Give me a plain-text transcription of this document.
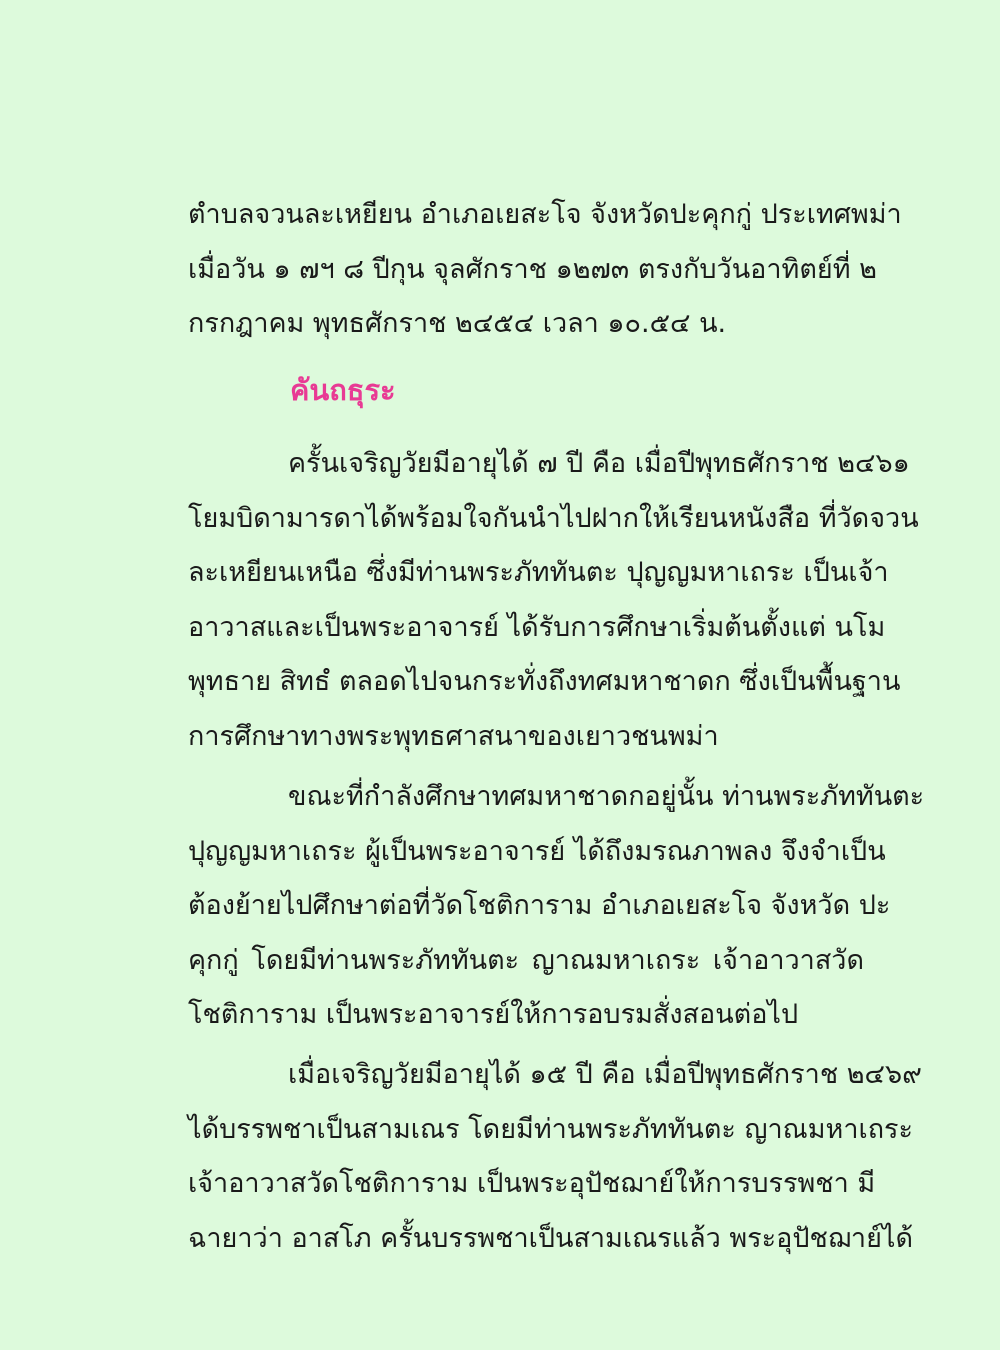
ตำบลจวนละเหยียน อำเภอเยสะโจ จังหวัดปะคุกกู่ ประเทศพม่า
เมื่อวัน ๑ ๗ฯ ๘ ปีกุน จุลศักราช ๑๒๗๓ ตรงกับวันอาทิตย์ที่ ๒
กรกฎาคม พุทธศักราช ๒๔๕๔ เวลา ๑๐.๕๔ น.
คันถธุระ
ครั้นเจริญวัยมีอายุได้ ๗ ปี คือ เมื่อปีพุทธศักราช ๒๔๖๑
โยมบิดามารดาได้พร้อมใจกันนำไปฝากให้เรียนหนังสือ ที่วัดจวน
ละเหยียนเหนือ ซึ่งมีท่านพระภัททันตะ ปุญญมหาเถระ เป็นเจ้า
อาวาสและเป็นพระอาจารย์ ได้รับการศึกษาเริ่มต้นตั้งแต่ นโม
พุทธาย สิทธํ ตลอดไปจนกระทั่งถึงทศมหาชาดก ซึ่งเป็นพื้นฐาน
การศึกษาทางพระพุทธศาสนาของเยาวชนพม่า
ขณะที่กำลังศึกษาทศมหาชาดกอยู่นั้น ท่านพระภัททันตะ
ปุญญมหาเถระ ผู้เป็นพระอาจารย์ ได้ถึงมรณภาพลง จึงจำเป็น
ต้องย้ายไปศึกษาต่อที่วัดโชติการาม อำเภอเยสะโจ จังหวัด ปะ
คุกกู่ โดยมีท่านพระภัททันตะ ญาณมหาเถระ เจ้าอาวาสวัด
โชติการาม เป็นพระอาจารย์ให้การอบรมสั่งสอนต่อไป
เมื่อเจริญวัยมีอายุได้ ๑๕ ปี คือ เมื่อปีพุทธศักราช ๒๔๖๙
ได้บรรพชาเป็นสามเณร โดยมีท่านพระภัททันตะ ญาณมหาเถระ
เจ้าอาวาสวัดโชติการาม เป็นพระอุปัชฌาย์ให้การบรรพชา มี
ฉายาว่า อาสโภ ครั้นบรรพชาเป็นสามเณรแล้ว พระอุปัชฌาย์ได้
